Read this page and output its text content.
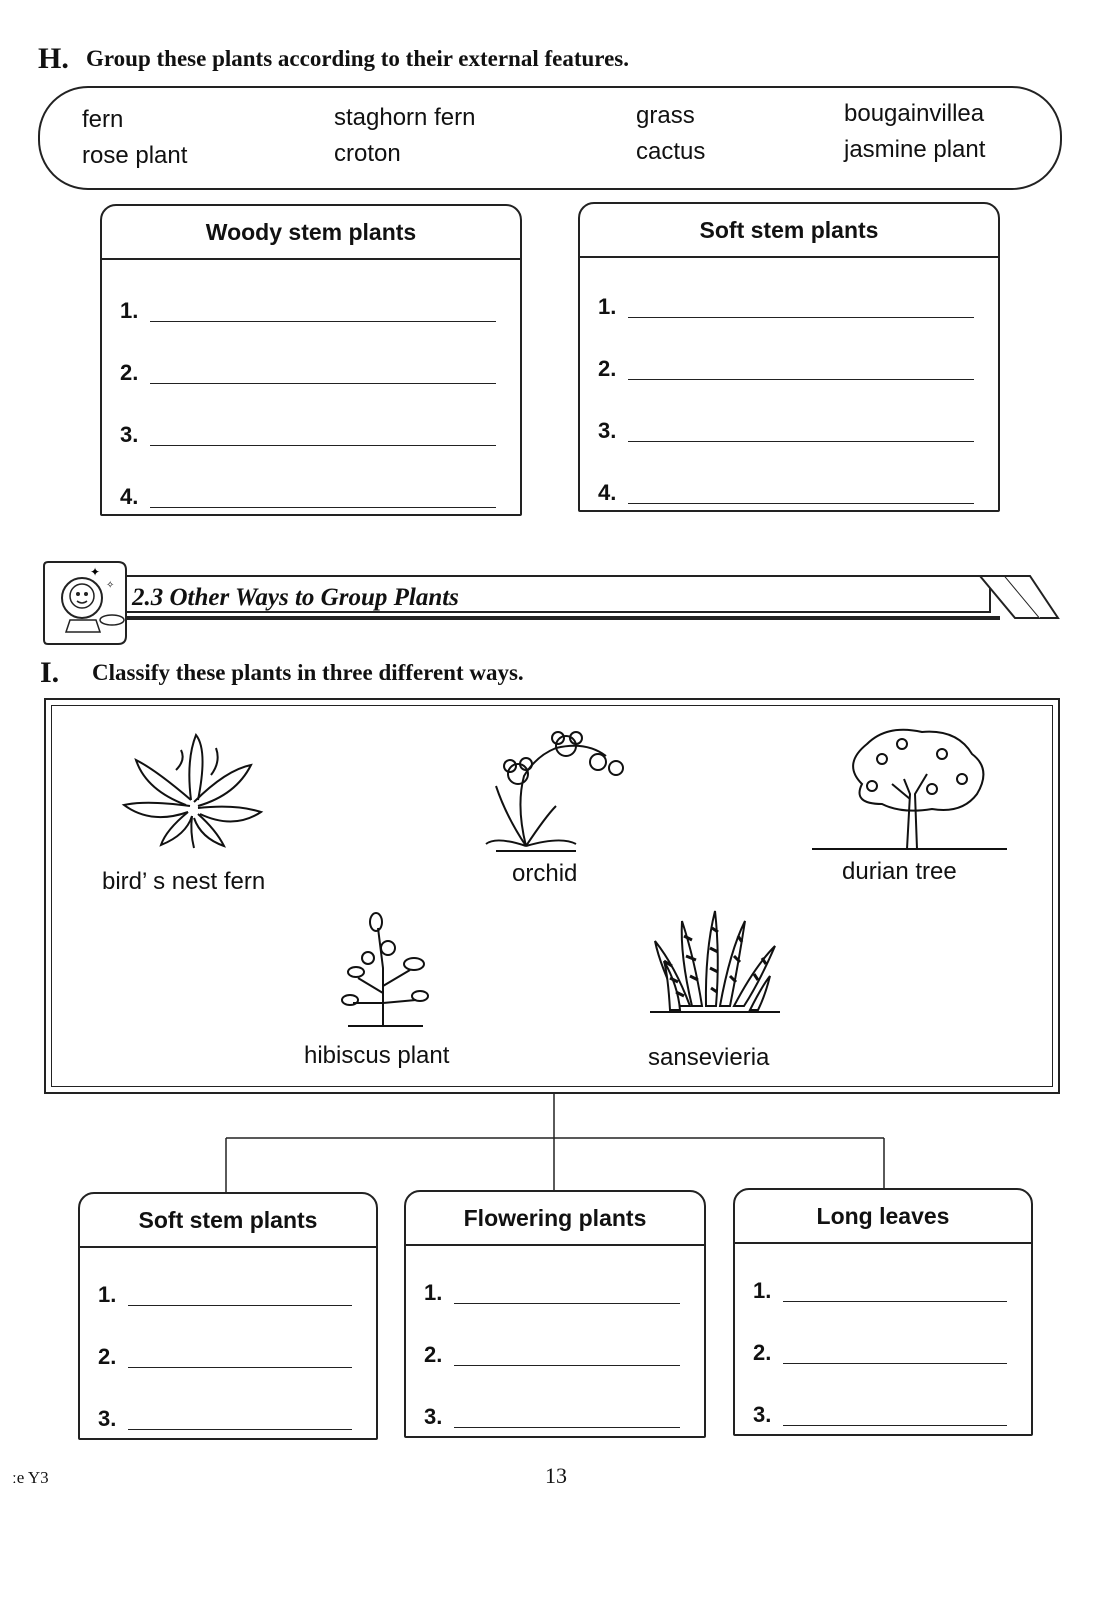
H. Group these plants according to their external features.
fern	staghorn fern	grass	bougainvillea
rose plant	croton	cactus	jasmine plant
Woody stem plants
1.
2.
3.
4.
Soft stem plants
1.
2.
3.
4.
✦
✧ 2.3 Other Ways to Group Plants
I. Classify these plants in three different ways.
bird’ s nest fern	orchid	durian tree
hibiscus plant	sansevieria
Soft stem plants
1.
2.
3.
Flowering plants
1.
2.
3.
Long leaves
1.
2.
3.
ːe Y3	13
